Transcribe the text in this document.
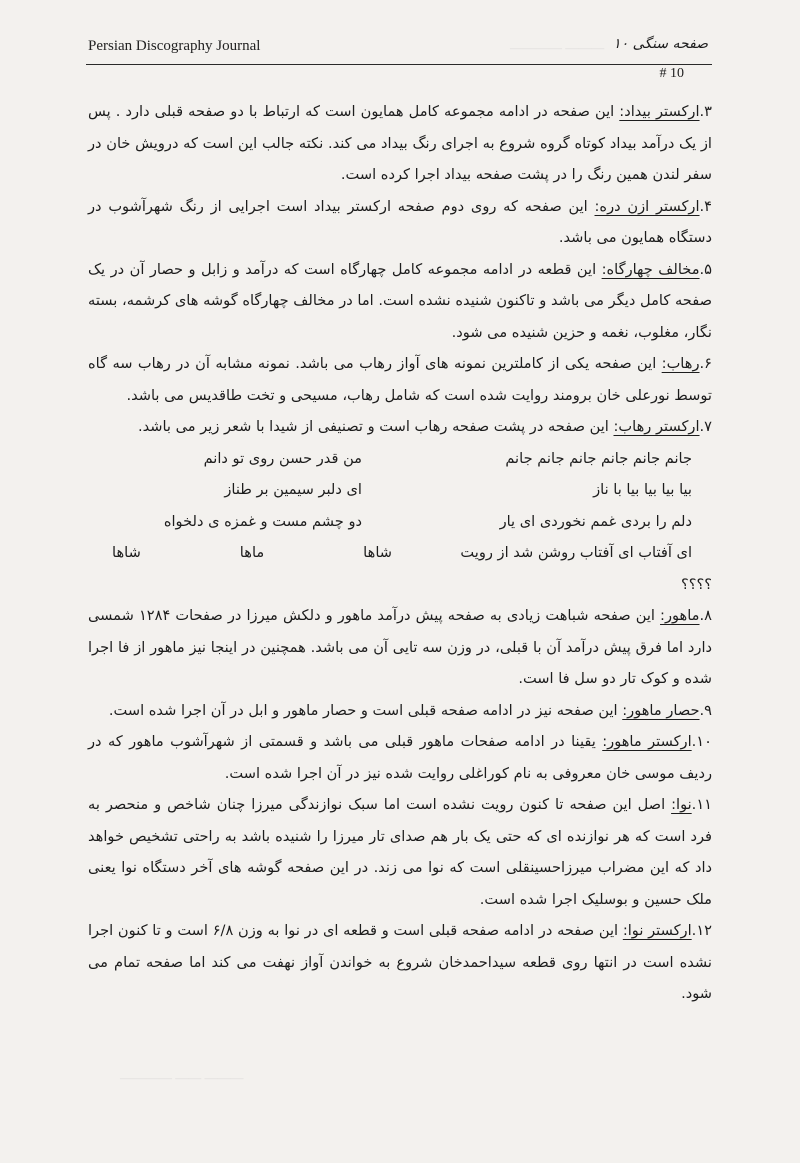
Persian Discography Journal	صفحه سنگی ۱۰
# 10
———— ———
———— —— ———

۳.ارکستر بیداد: این صفحه در ادامه مجموعه کامل همایون است که ارتباط با دو صفحه قبلی دارد . پس از یک درآمد بیداد کوتاه گروه شروع به اجرای رنگ بیداد می کند. نکته جالب این است که درویش خان در سفر لندن همین رنگ را در پشت صفحه بیداد اجرا کرده است.

۴.ارکستر ازن دره: این صفحه که روی دوم صفحه ارکستر بیداد است اجرایی از رنگ شهرآشوب در دستگاه همایون می باشد.

۵.مخالف چهارگاه: این قطعه در ادامه مجموعه کامل چهارگاه است که درآمد و زابل و حصار آن در یک صفحه کامل دیگر می باشد و تاکنون شنیده نشده است. اما در مخالف چهارگاه گوشه های کرشمه، بسته نگار، مغلوب، نغمه و حزین شنیده می شود.

۶.رهاب: این صفحه یکی از کاملترین نمونه های آواز رهاب می باشد. نمونه مشابه آن در رهاب سه گاه توسط نورعلی خان برومند روایت شده است که شامل رهاب، مسیحی و تخت طاقدیس می باشد.

۷.ارکستر رهاب: این صفحه در پشت صفحه رهاب است و تصنیفی از شیدا با شعر زیر می باشد.

جانم جانم جانم جانم جانم جانم
من قدر حسن روی تو دانم
بیا بیا بیا بیا با ناز
ای دلبر سیمین بر طناز
دلم را بردی غمم نخوردی ای یار
دو چشم مست و غمزه ی دلخواه
ای آفتاب ای آفتاب روشن شد از رویت
شاها
ماها
شاها
؟؟؟؟

۸.ماهور: این صفحه شباهت زیادی به صفحه پیش درآمد ماهور و دلکش میرزا در صفحات ۱۲۸۴ شمسی دارد اما فرق پیش درآمد آن با قبلی، در وزن سه تایی آن می باشد. همچنین در اینجا نیز ماهور از فا اجرا شده و کوک تار دو سل فا است.

۹.حصار ماهور: این صفحه نیز در ادامه صفحه قبلی است و حصار ماهور و ابل در آن اجرا شده است.

۱۰.ارکستر ماهور: یقینا در ادامه صفحات ماهور قبلی می باشد و قسمتی از شهرآشوب ماهور که در ردیف موسی خان معروفی به نام کوراغلی روایت شده نیز در آن اجرا شده است.

۱۱.نوا: اصل این صفحه تا کنون رویت نشده است اما سبک نوازندگی میرزا چنان شاخص و منحصر به فرد است که هر نوازنده ای که حتی یک بار هم صدای تار میرزا را شنیده باشد به راحتی تشخیص خواهد داد که این مضراب میرزاحسینقلی است که نوا می زند. در این صفحه گوشه های آخر دستگاه نوا یعنی ملک حسین و بوسلیک اجرا شده است.

۱۲.ارکستر نوا: این صفحه در ادامه صفحه قبلی است و قطعه ای در نوا به وزن ۶/۸ است و تا کنون اجرا نشده است در انتها روی قطعه سیداحمدخان شروع به خواندن آواز نهفت می کند اما صفحه تمام می شود.
